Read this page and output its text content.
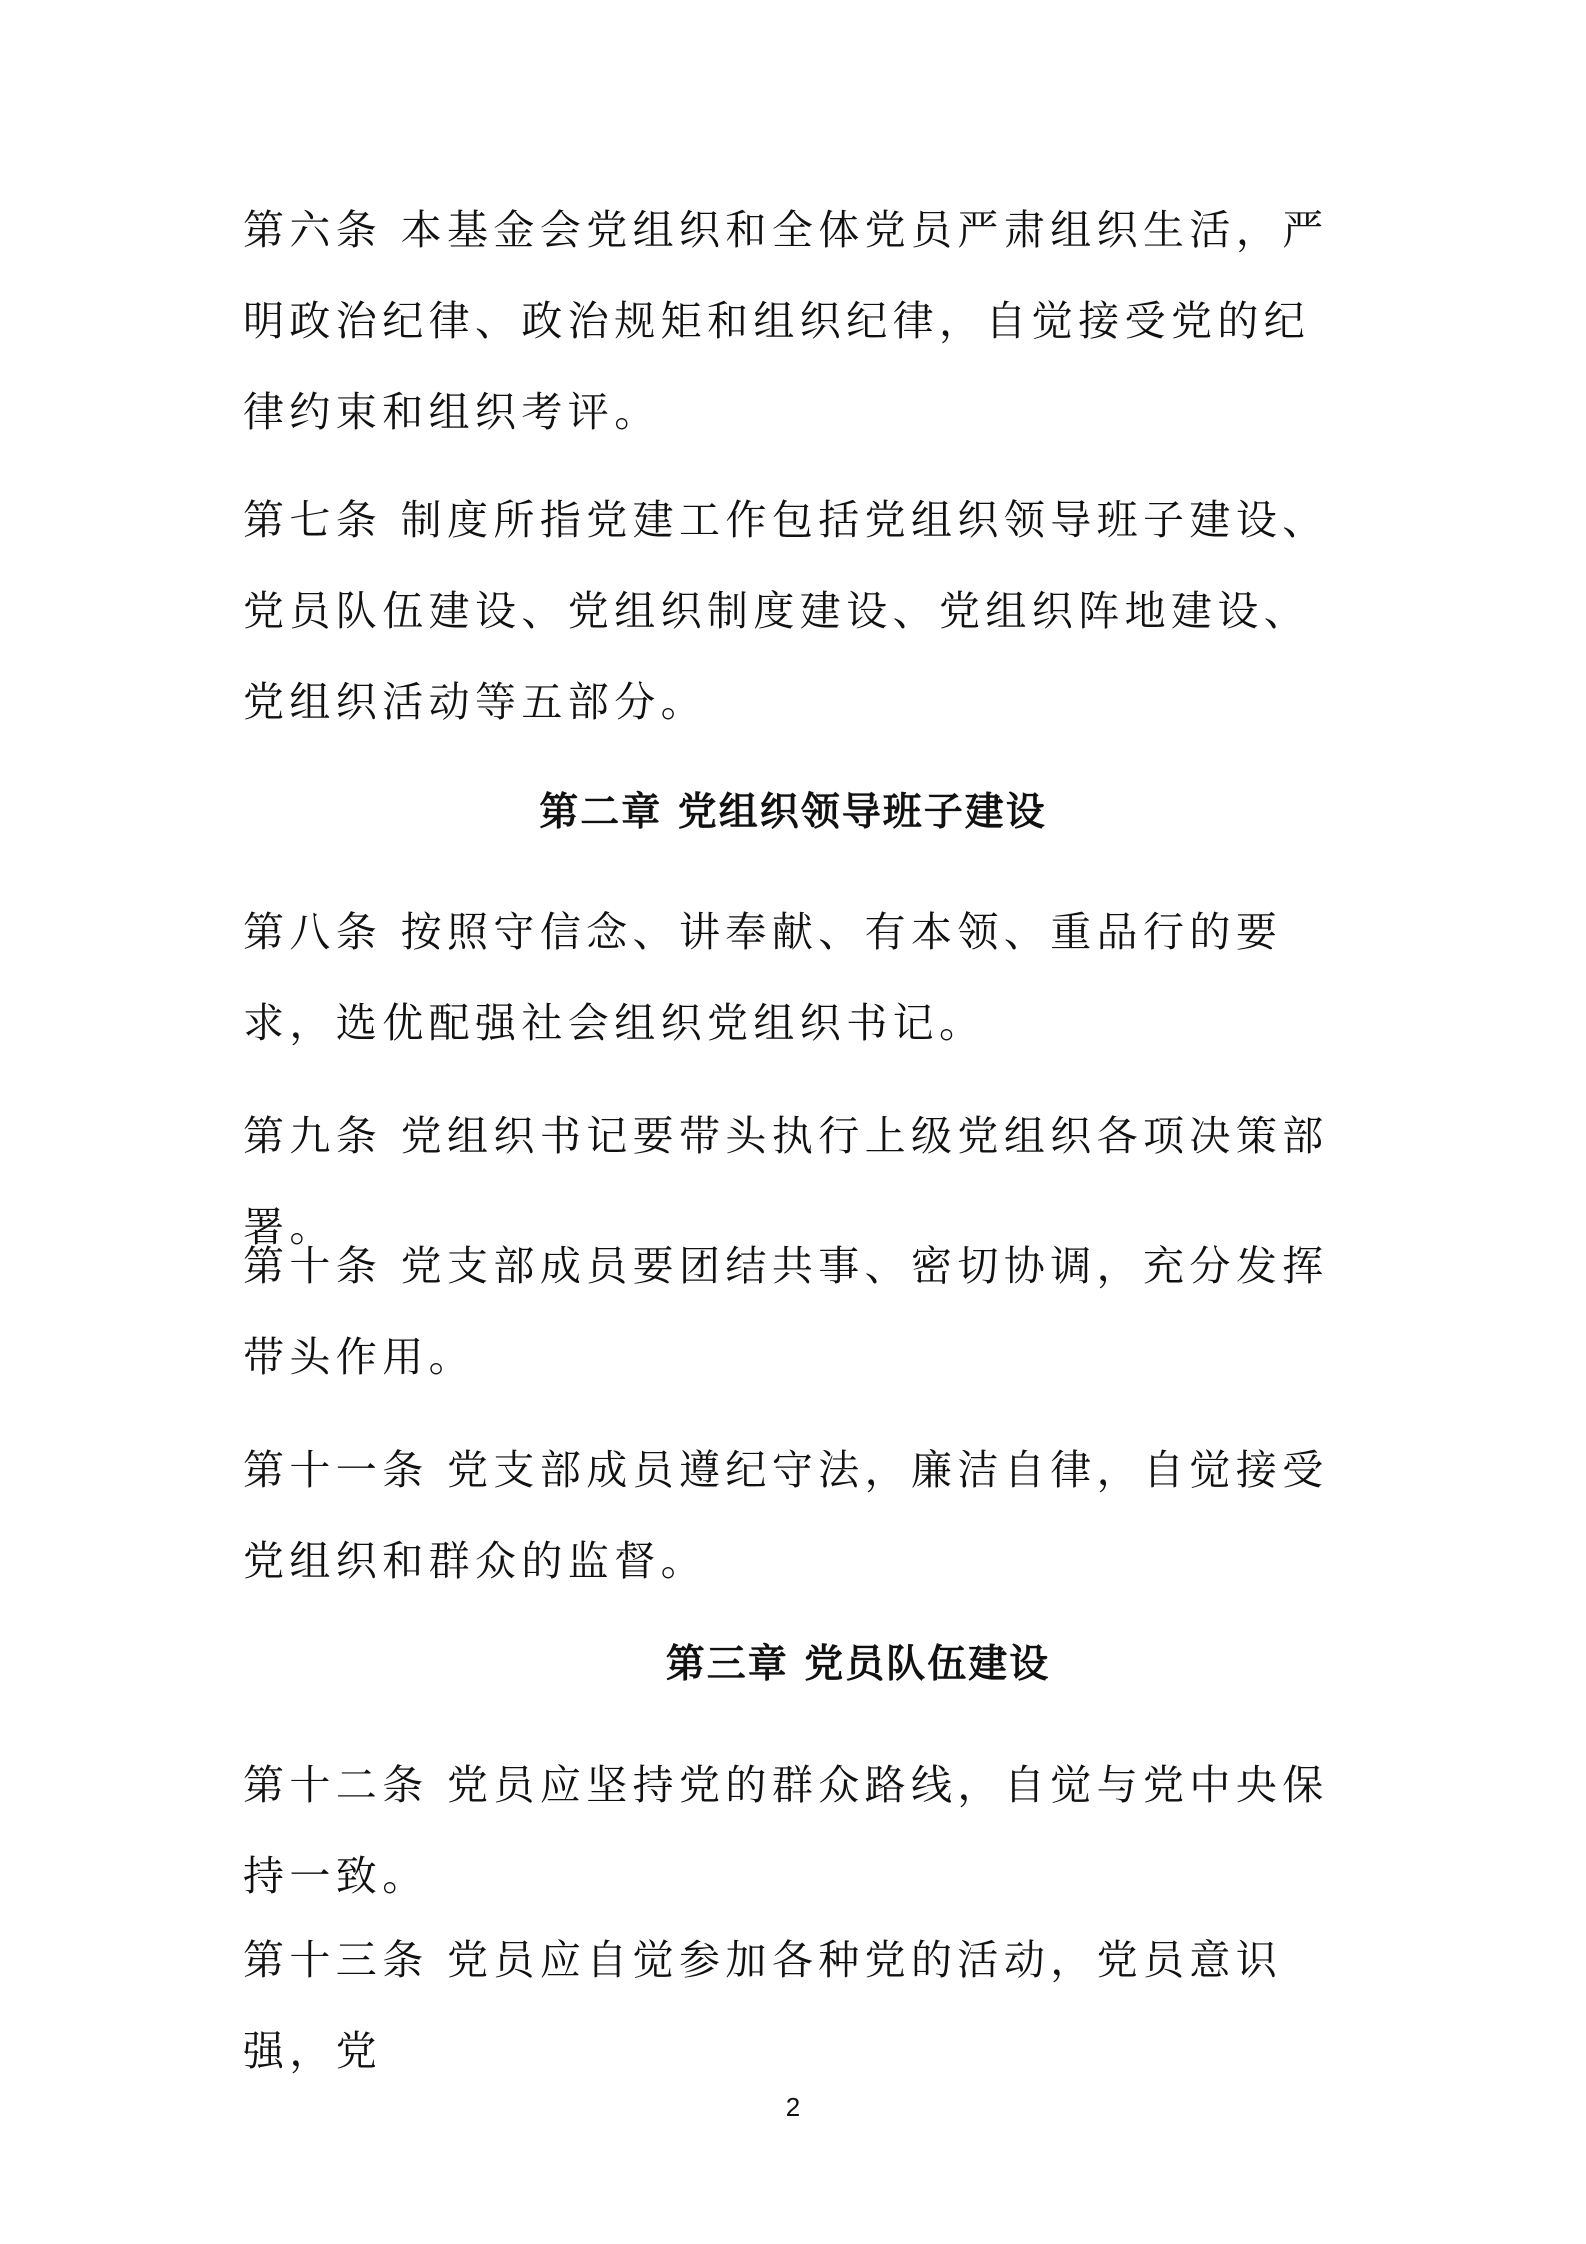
第六条 本基金会党组织和全体党员严肃组织生活，严明政治纪律、政治规矩和组织纪律，自觉接受党的纪律约束和组织考评。

第七条 制度所指党建工作包括党组织领导班子建设、党员队伍建设、党组织制度建设、党组织阵地建设、党组织活动等五部分。

第二章 党组织领导班子建设

第八条 按照守信念、讲奉献、有本领、重品行的要求，选优配强社会组织党组织书记。

第九条 党组织书记要带头执行上级党组织各项决策部署。

第十条 党支部成员要团结共事、密切协调，充分发挥带头作用。

第十一条 党支部成员遵纪守法，廉洁自律，自觉接受党组织和群众的监督。

第三章 党员队伍建设

第十二条 党员应坚持党的群众路线，自觉与党中央保持一致。

第十三条 党员应自觉参加各种党的活动，党员意识强，党

2
